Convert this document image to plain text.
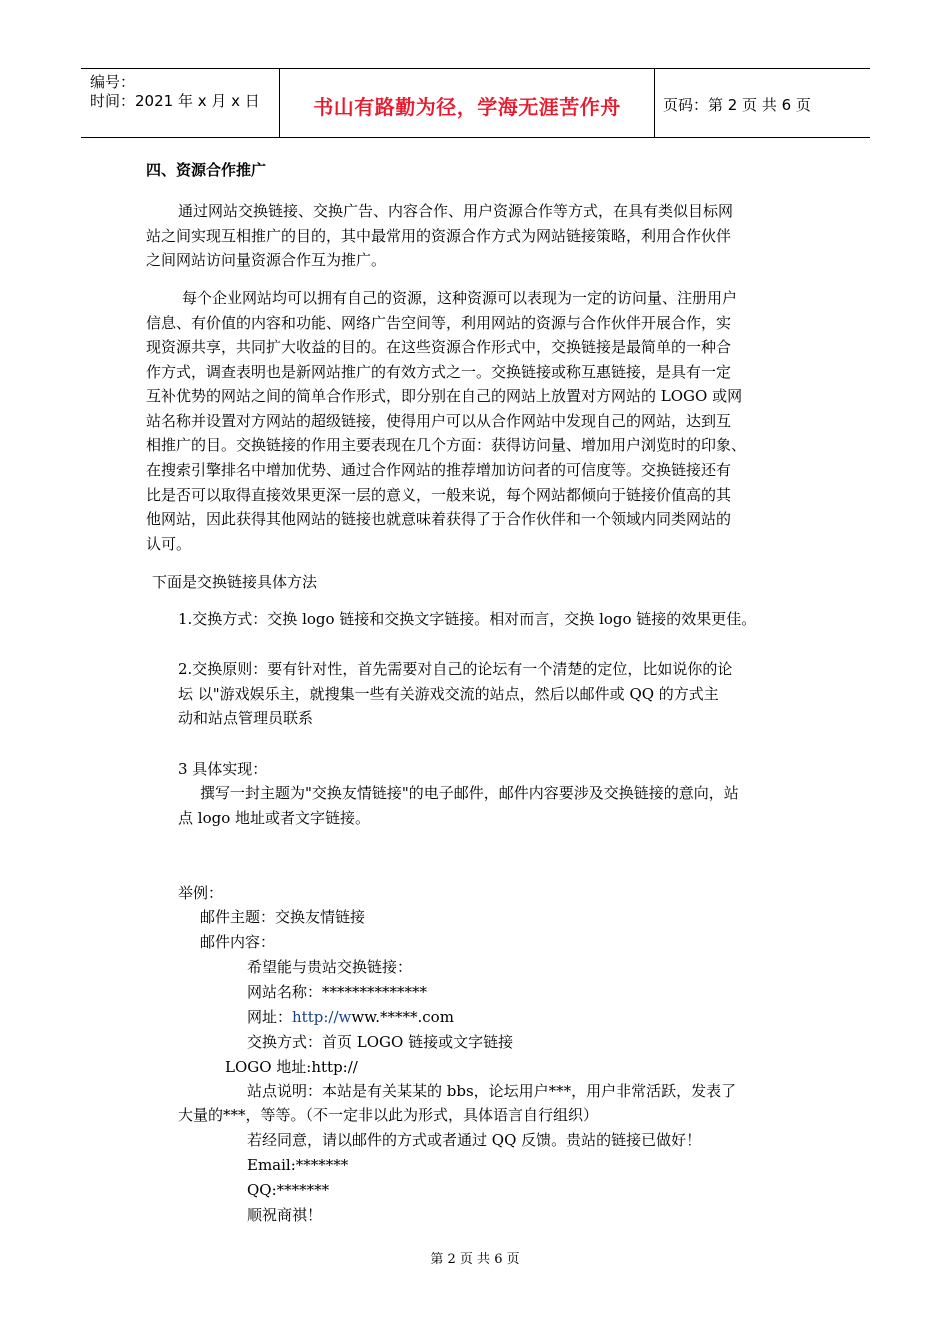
编号：
时间：2021 年 x 月 x 日	书山有路勤为径，学海无涯苦作舟	页码：第 2 页 共 6 页
四、资源合作推广
通过网站交换链接、交换广告、内容合作、用户资源合作等方式，在具有类似目标网
站之间实现互相推广的目的，其中最常用的资源合作方式为网站链接策略，利用合作伙伴
之间网站访问量资源合作互为推广。
每个企业网站均可以拥有自己的资源，这种资源可以表现为一定的访问量、注册用户
信息、有价值的内容和功能、网络广告空间等，利用网站的资源与合作伙伴开展合作，实
现资源共享，共同扩大收益的目的。在这些资源合作形式中，交换链接是最简单的一种合
作方式，调查表明也是新网站推广的有效方式之一。交换链接或称互惠链接，是具有一定
互补优势的网站之间的简单合作形式，即分别在自己的网站上放置对方网站的 LOGO 或网
站名称并设置对方网站的超级链接，使得用户可以从合作网站中发现自己的网站，达到互
相推广的目。交换链接的作用主要表现在几个方面：获得访问量、增加用户浏览时的印象、
在搜索引擎排名中增加优势、通过合作网站的推荐增加访问者的可信度等。交换链接还有
比是否可以取得直接效果更深一层的意义，一般来说，每个网站都倾向于链接价值高的其
他网站，因此获得其他网站的链接也就意味着获得了于合作伙伴和一个领域内同类网站的
认可。
下面是交换链接具体方法
1.交换方式：交换 logo 链接和交换文字链接。相对而言，交换 logo 链接的效果更佳。
2.交换原则：要有针对性，首先需要对自己的论坛有一个清楚的定位，比如说你的论
坛 以"游戏娱乐主，就搜集一些有关游戏交流的站点，然后以邮件或 QQ 的方式主
动和站点管理员联系
3 具体实现：
撰写一封主题为"交换友情链接"的电子邮件，邮件内容要涉及交换链接的意向，站
点 logo 地址或者文字链接。
举例：
邮件主题：交换友情链接
邮件内容：
希望能与贵站交换链接：
网站名称：**************
网址：http://www.*****.com
交换方式：首页 LOGO 链接或文字链接
LOGO 地址:http://
站点说明：本站是有关某某的 bbs，论坛用户***，用户非常活跃，发表了
大量的***，等等。（不一定非以此为形式，具体语言自行组织）
若经同意，请以邮件的方式或者通过 QQ 反馈。贵站的链接已做好！
Email:*******
QQ:*******
顺祝商祺！
第 2 页 共 6 页
